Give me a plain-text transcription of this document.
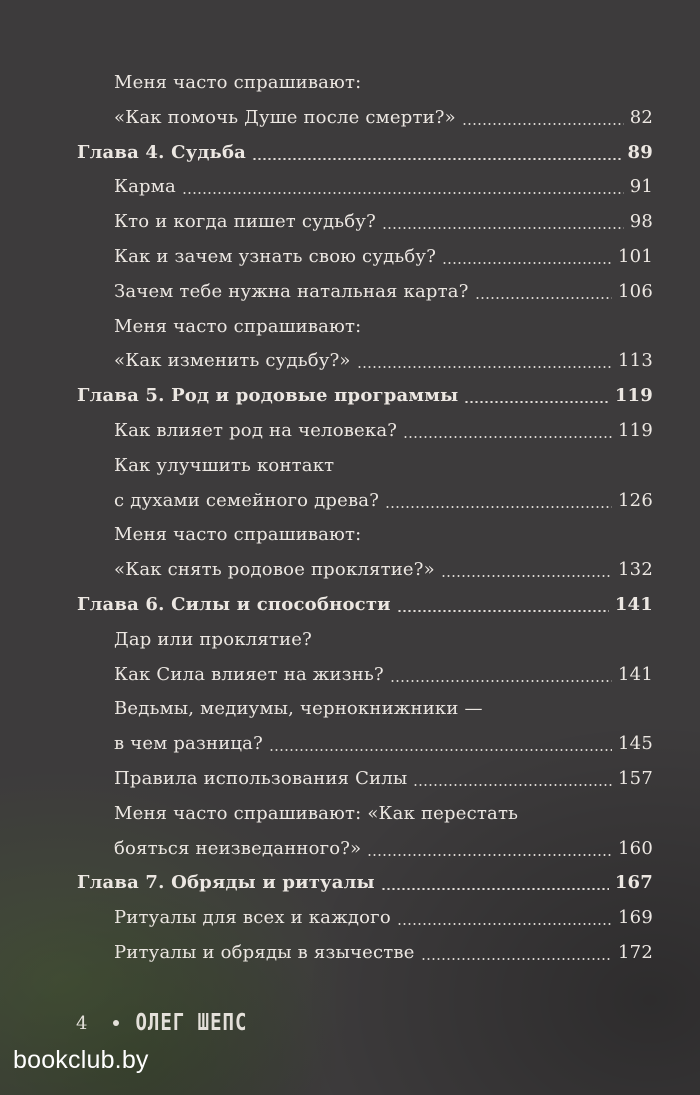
Меня часто спрашивают:
«Как помочь Душе после смерти?»	82
Глава 4. Судьба	89
Карма	91
Кто и когда пишет судьбу?	98
Как и зачем узнать свою судьбу?	101
Зачем тебе нужна натальная карта?	106
Меня часто спрашивают:
«Как изменить судьбу?»	113
Глава 5. Род и родовые программы	119
Как влияет род на человека?	119
Как улучшить контакт
с духами семейного древа?	126
Меня часто спрашивают:
«Как снять родовое проклятие?»	132
Глава 6. Силы и способности	141
Дар или проклятие?
Как Сила влияет на жизнь?	141
Ведьмы, медиумы, чернокнижники —
в чем разница?	145
Правила использования Силы	157
Меня часто спрашивают: «Как перестать
бояться неизведанного?»	160
Глава 7. Обряды и ритуалы	167
Ритуалы для всех и каждого	169
Ритуалы и обряды в язычестве	172
4	ОЛЕГ ШЕПС
bookclub.by
